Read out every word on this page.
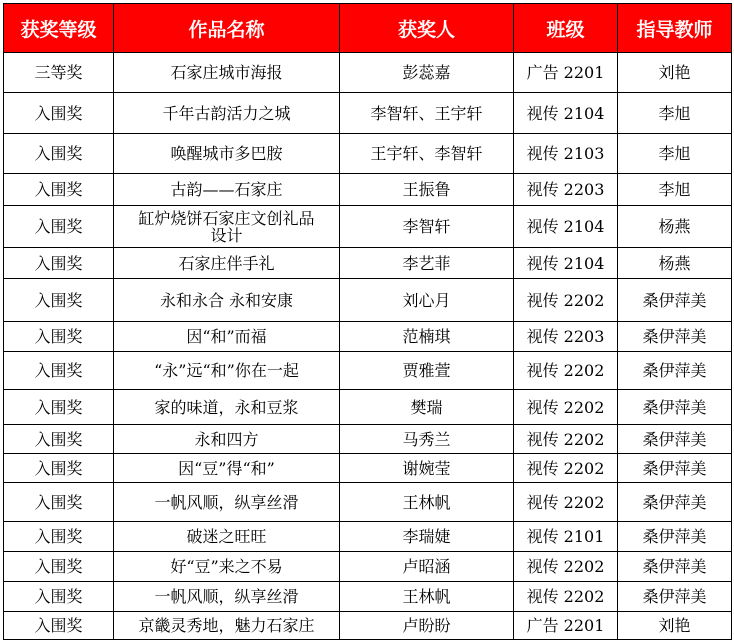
获奖等级	作品名称	获奖人	班级	指导教师
三等奖	石家庄城市海报	彭蕊嘉	广告 2201	刘艳
入围奖	千年古韵活力之城	李智轩、王宇轩	视传 2104	李旭
入围奖	唤醒城市多巴胺	王宇轩、李智轩	视传 2103	李旭
入围奖	古韵——石家庄	王振鲁	视传 2203	李旭
入围奖	缸炉烧饼石家庄文创礼品设计	李智轩	视传 2104	杨燕
入围奖	石家庄伴手礼	李艺菲	视传 2104	杨燕
入围奖	永和永合 永和安康	刘心月	视传 2202	桑伊萍美
入围奖	因“和”而福	范楠琪	视传 2203	桑伊萍美
入围奖	“永”远“和”你在一起	贾雅萱	视传 2202	桑伊萍美
入围奖	家的味道，永和豆浆	樊瑞	视传 2202	桑伊萍美
入围奖	永和四方	马秀兰	视传 2202	桑伊萍美
入围奖	因“豆”得“和”	谢婉莹	视传 2202	桑伊萍美
入围奖	一帆风顺，纵享丝滑	王林帆	视传 2202	桑伊萍美
入围奖	破迷之旺旺	李瑞婕	视传 2101	桑伊萍美
入围奖	好“豆”来之不易	卢昭涵	视传 2202	桑伊萍美
入围奖	一帆风顺，纵享丝滑	王林帆	视传 2202	桑伊萍美
入围奖	京畿灵秀地，魅力石家庄	卢盼盼	广告 2201	刘艳
